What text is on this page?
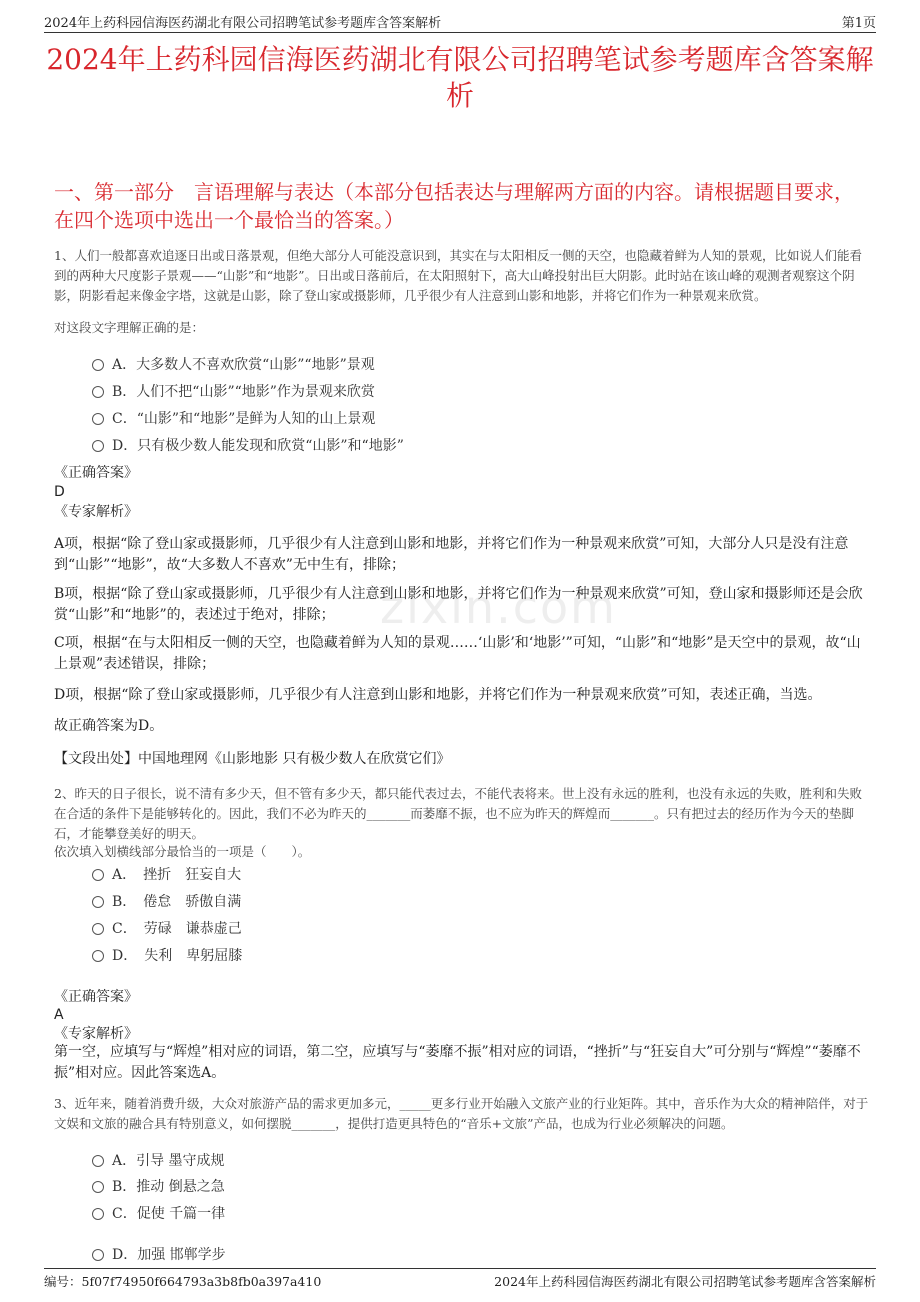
2024年上药科园信海医药湖北有限公司招聘笔试参考题库含答案解析	第1页
2024年上药科园信海医药湖北有限公司招聘笔试参考题库含答案解析
一、第一部分　言语理解与表达（本部分包括表达与理解两方面的内容。请根据题目要求，在四个选项中选出一个最恰当的答案。）
zixin.com
1、人们一般都喜欢追逐日出或日落景观，但绝大部分人可能没意识到，其实在与太阳相反一侧的天空，也隐藏着鲜为人知的景观，比如说人们能看到的两种大尺度影子景观——“山影”和“地影”。日出或日落前后，在太阳照射下，高大山峰投射出巨大阴影。此时站在该山峰的观测者观察这个阴影，阴影看起来像金字塔，这就是山影，除了登山家或摄影师，几乎很少有人注意到山影和地影，并将它们作为一种景观来欣赏。
对这段文字理解正确的是：
A．大多数人不喜欢欣赏“山影”“地影”景观
B．人们不把“山影”“地影”作为景观来欣赏
C．“山影”和“地影”是鲜为人知的山上景观
D．只有极少数人能发现和欣赏“山影”和“地影”
《正确答案》
D
《专家解析》
A项，根据“除了登山家或摄影师，几乎很少有人注意到山影和地影，并将它们作为一种景观来欣赏”可知，大部分人只是没有注意到“山影”“地影”，故“大多数人不喜欢”无中生有，排除；
B项，根据“除了登山家或摄影师，几乎很少有人注意到山影和地影，并将它们作为一种景观来欣赏”可知，登山家和摄影师还是会欣赏“山影”和“地影”的，表述过于绝对，排除；
C项，根据“在与太阳相反一侧的天空，也隐藏着鲜为人知的景观……‘山影’和‘地影’”可知，“山影”和“地影”是天空中的景观，故“山上景观”表述错误，排除；
D项，根据“除了登山家或摄影师，几乎很少有人注意到山影和地影，并将它们作为一种景观来欣赏”可知，表述正确，当选。
故正确答案为D。
【文段出处】中国地理网《山影地影 只有极少数人在欣赏它们》
2、昨天的日子很长，说不清有多少天，但不管有多少天，都只能代表过去，不能代表将来。世上没有永远的胜利，也没有永远的失败，胜利和失败在合适的条件下是能够转化的。因此，我们不必为昨天的_______而萎靡不振，也不应为昨天的辉煌而_______。只有把过去的经历作为今天的垫脚石，才能攀登美好的明天。
依次填入划横线部分最恰当的一项是（　　）。
A．　挫折　狂妄自大
B．　倦怠　骄傲自满
C．　劳碌　谦恭虚己
D．　失利　卑躬屈膝
《正确答案》
A
《专家解析》
第一空，应填写与“辉煌”相对应的词语，第二空，应填写与“萎靡不振”相对应的词语，“挫折”与“狂妄自大”可分别与“辉煌”“萎靡不振”相对应。因此答案选A。
3、近年来，随着消费升级，大众对旅游产品的需求更加多元，_____更多行业开始融入文旅产业的行业矩阵。其中，音乐作为大众的精神陪伴，对于文娱和文旅的融合具有特别意义，如何摆脱_______，提供打造更具特色的“音乐+文旅”产品，也成为行业必须解决的问题。
A．引导 墨守成规
B．推动 倒悬之急
C．促使 千篇一律
D．加强 邯郸学步
编号：5f07f74950f664793a3b8fb0a397a410	2024年上药科园信海医药湖北有限公司招聘笔试参考题库含答案解析
